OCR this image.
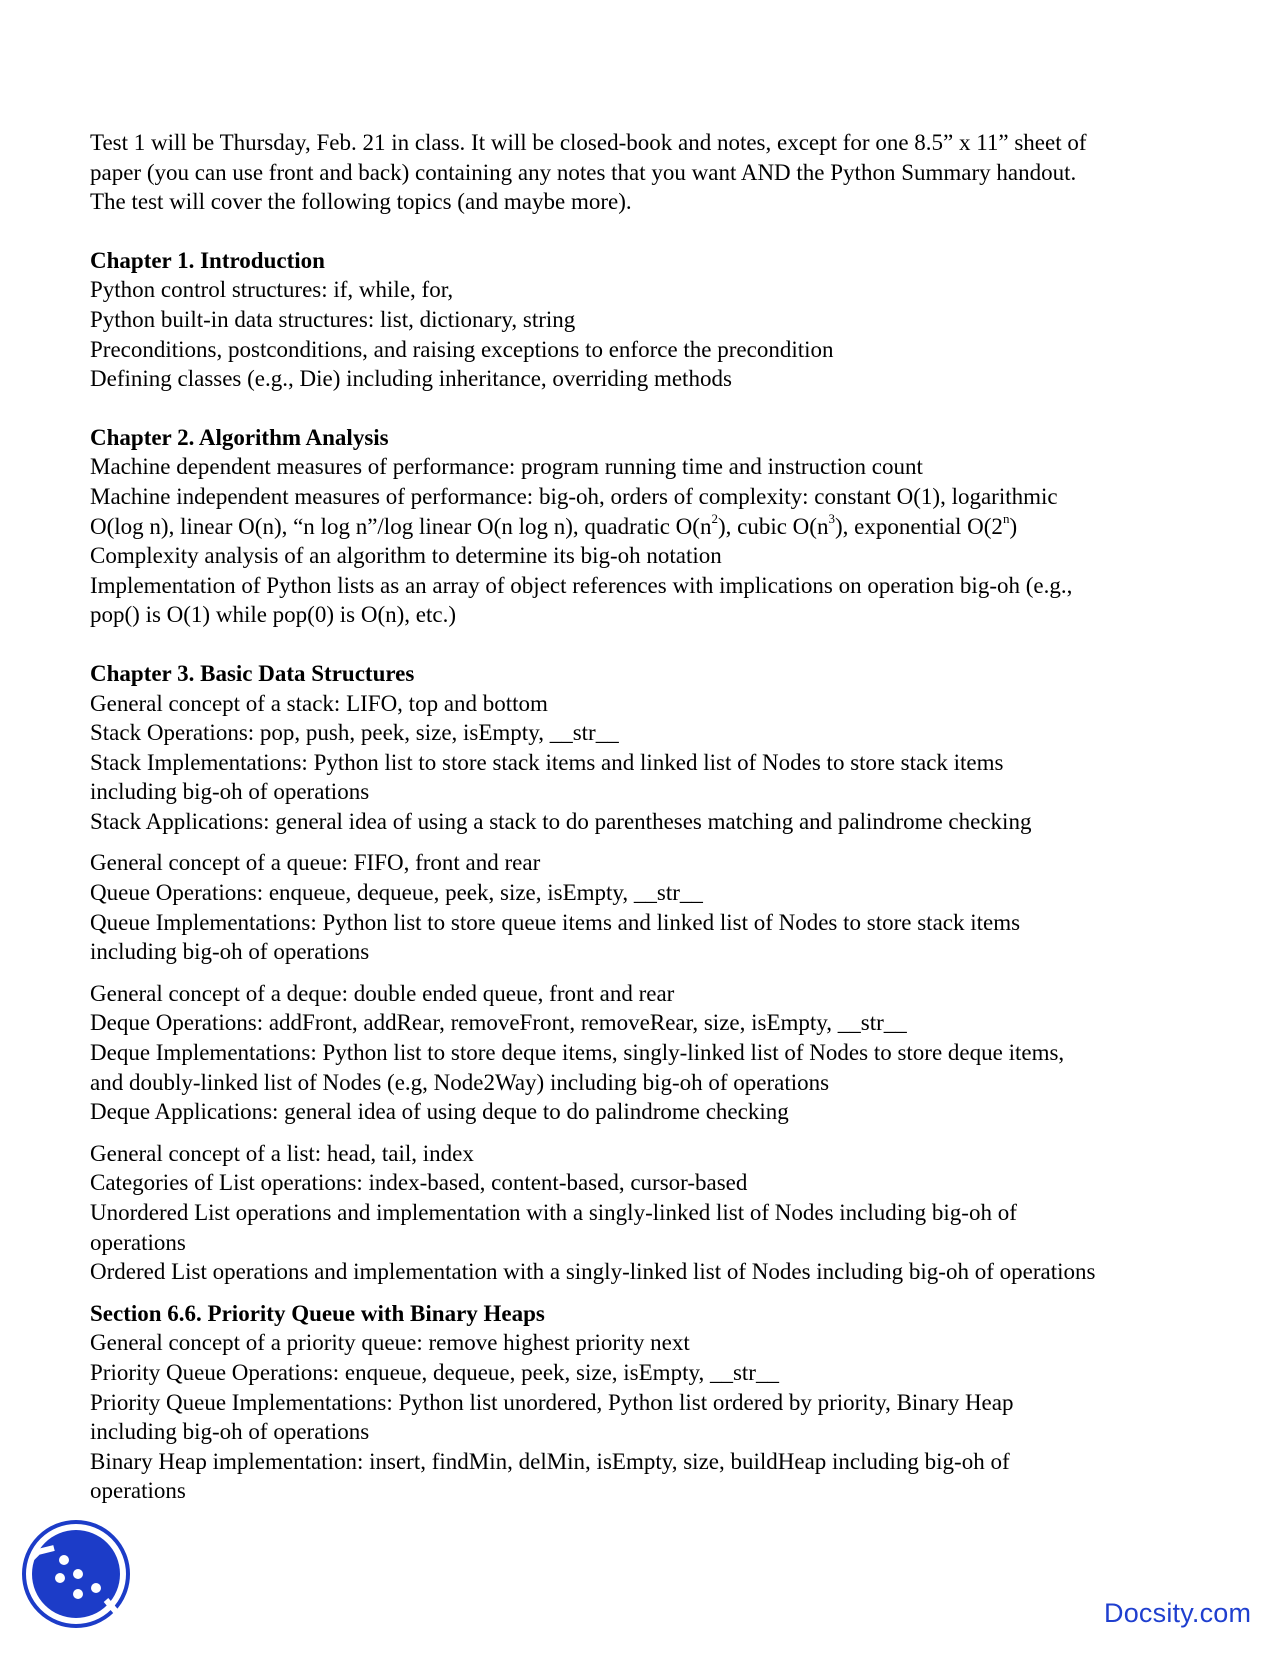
Test 1 will be Thursday, Feb. 21 in class. It will be closed-book and notes, except for one 8.5” x 11” sheet of
paper (you can use front and back) containing any notes that you want AND the Python Summary handout.
The test will cover the following topics (and maybe more).

Chapter 1. Introduction
Python control structures: if, while, for,
Python built-in data structures: list, dictionary, string
Preconditions, postconditions, and raising exceptions to enforce the precondition
Defining classes (e.g., Die) including inheritance, overriding methods
Chapter 2. Algorithm Analysis
Machine dependent measures of performance: program running time and instruction count
Machine independent measures of performance: big-oh, orders of complexity: constant O(1), logarithmic
O(log n), linear O(n), “n log n”/log linear O(n log n), quadratic $O(n^2)$, cubic $O(n^3)$, exponential O(2$^n$)
Complexity analysis of an algorithm to determine its big-oh notation
Implementation of Python lists as an array of object references with implications on operation big-oh (e.g.,
pop() is O(1) while pop(0) is O(n), etc.)
Chapter 3. Basic Data Structures
General concept of a stack: LIFO, top and bottom
Stack Operations: pop, push, peek, size, isEmpty, __str__
Stack Implementations: Python list to store stack items and linked list of Nodes to store stack items
including big-oh of operations
Stack Applications: general idea of using a stack to do parentheses matching and palindrome checking
General concept of a queue: FIFO, front and rear
Queue Operations: enqueue, dequeue, peek, size, isEmpty, __str__
Queue Implementations: Python list to store queue items and linked list of Nodes to store stack items
including big-oh of operations
General concept of a deque: double ended queue, front and rear
Deque Operations: addFront, addRear, removeFront, removeRear, size, isEmpty, __str__
Deque Implementations: Python list to store deque items, singly-linked list of Nodes to store deque items,
and doubly-linked list of Nodes (e.g, Node2Way) including big-oh of operations
Deque Applications: general idea of using deque to do palindrome checking
General concept of a list: head, tail, index
Categories of List operations: index-based, content-based, cursor-based
Unordered List operations and implementation with a singly-linked list of Nodes including big-oh of
operations
Ordered List operations and implementation with a singly-linked list of Nodes including big-oh of operations
Section 6.6. Priority Queue with Binary Heaps
General concept of a priority queue: remove highest priority next
Priority Queue Operations: enqueue, dequeue, peek, size, isEmpty, __str__
Priority Queue Implementations: Python list unordered, Python list ordered by priority, Binary Heap
including big-oh of operations
Binary Heap implementation: insert, findMin, delMin, isEmpty, size, buildHeap including big-oh of
operations
Docsity.com
